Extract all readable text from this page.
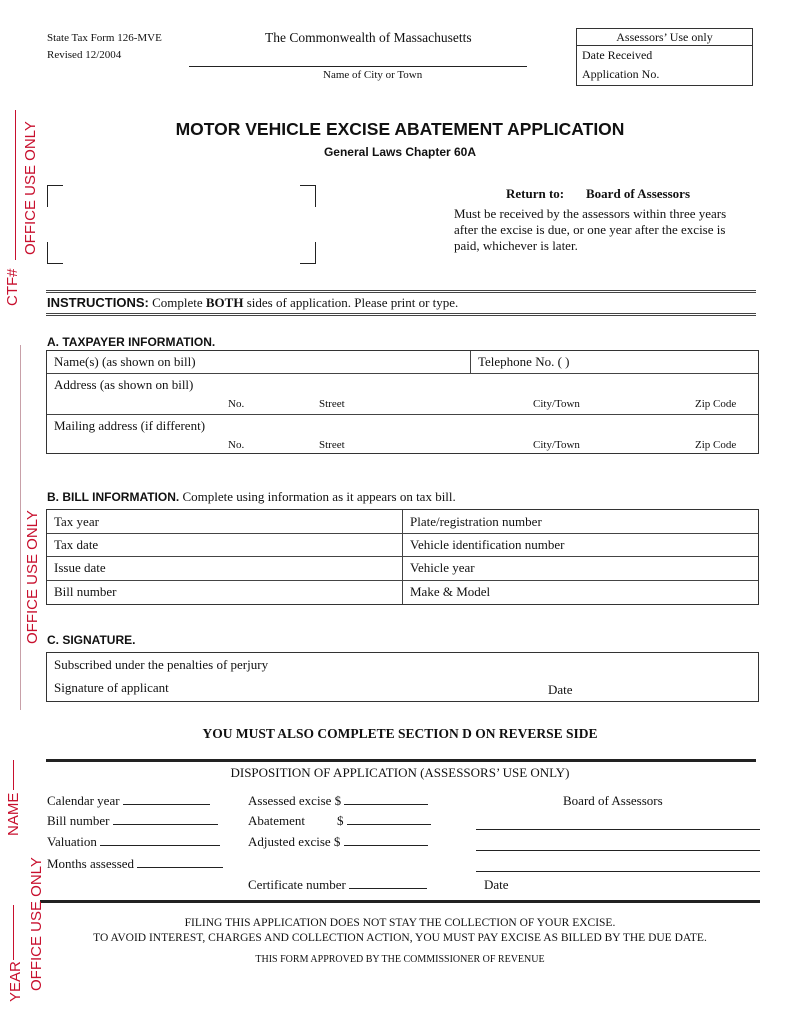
State Tax Form 126-MVE
Revised 12/2004
The Commonwealth of Massachusetts
Name of City or Town
Assessors’ Use only
Date Received
Application No.
MOTOR VEHICLE EXCISE ABATEMENT APPLICATION
General Laws Chapter 60A
Return to: Board of Assessors
Must be received by the assessors within three years after the excise is due, or one year after the excise is paid, whichever is later.
INSTRUCTIONS: Complete BOTH sides of application. Please print or type.
A. TAXPAYER INFORMATION.
Name(s) (as shown on bill)	Telephone No. ( )
Address (as shown on bill)
No.	Street	City/Town	Zip Code
Mailing address (if different)
No.	Street	City/Town	Zip Code
B. BILL INFORMATION. Complete using information as it appears on tax bill.
Tax year	Plate/registration number
Tax date	Vehicle identification number
Issue date	Vehicle year
Bill number	Make & Model
C. SIGNATURE.
Subscribed under the penalties of perjury
Signature of applicant	Date
YOU MUST ALSO COMPLETE SECTION D ON REVERSE SIDE
DISPOSITION OF APPLICATION (ASSESSORS’ USE ONLY)
Calendar year
Bill number
Valuation
Months assessed
Assessed excise $
Abatement $
Adjusted excise $
Certificate number
Board of Assessors
Date
FILING THIS APPLICATION DOES NOT STAY THE COLLECTION OF YOUR EXCISE.
TO AVOID INTEREST, CHARGES AND COLLECTION ACTION, YOU MUST PAY EXCISE AS BILLED BY THE DUE DATE.
THIS FORM APPROVED BY THE COMMISSIONER OF REVENUE
CTF#
OFFICE USE ONLY
OFFICE USE ONLY
NAME
OFFICE USE ONLY
YEAR
